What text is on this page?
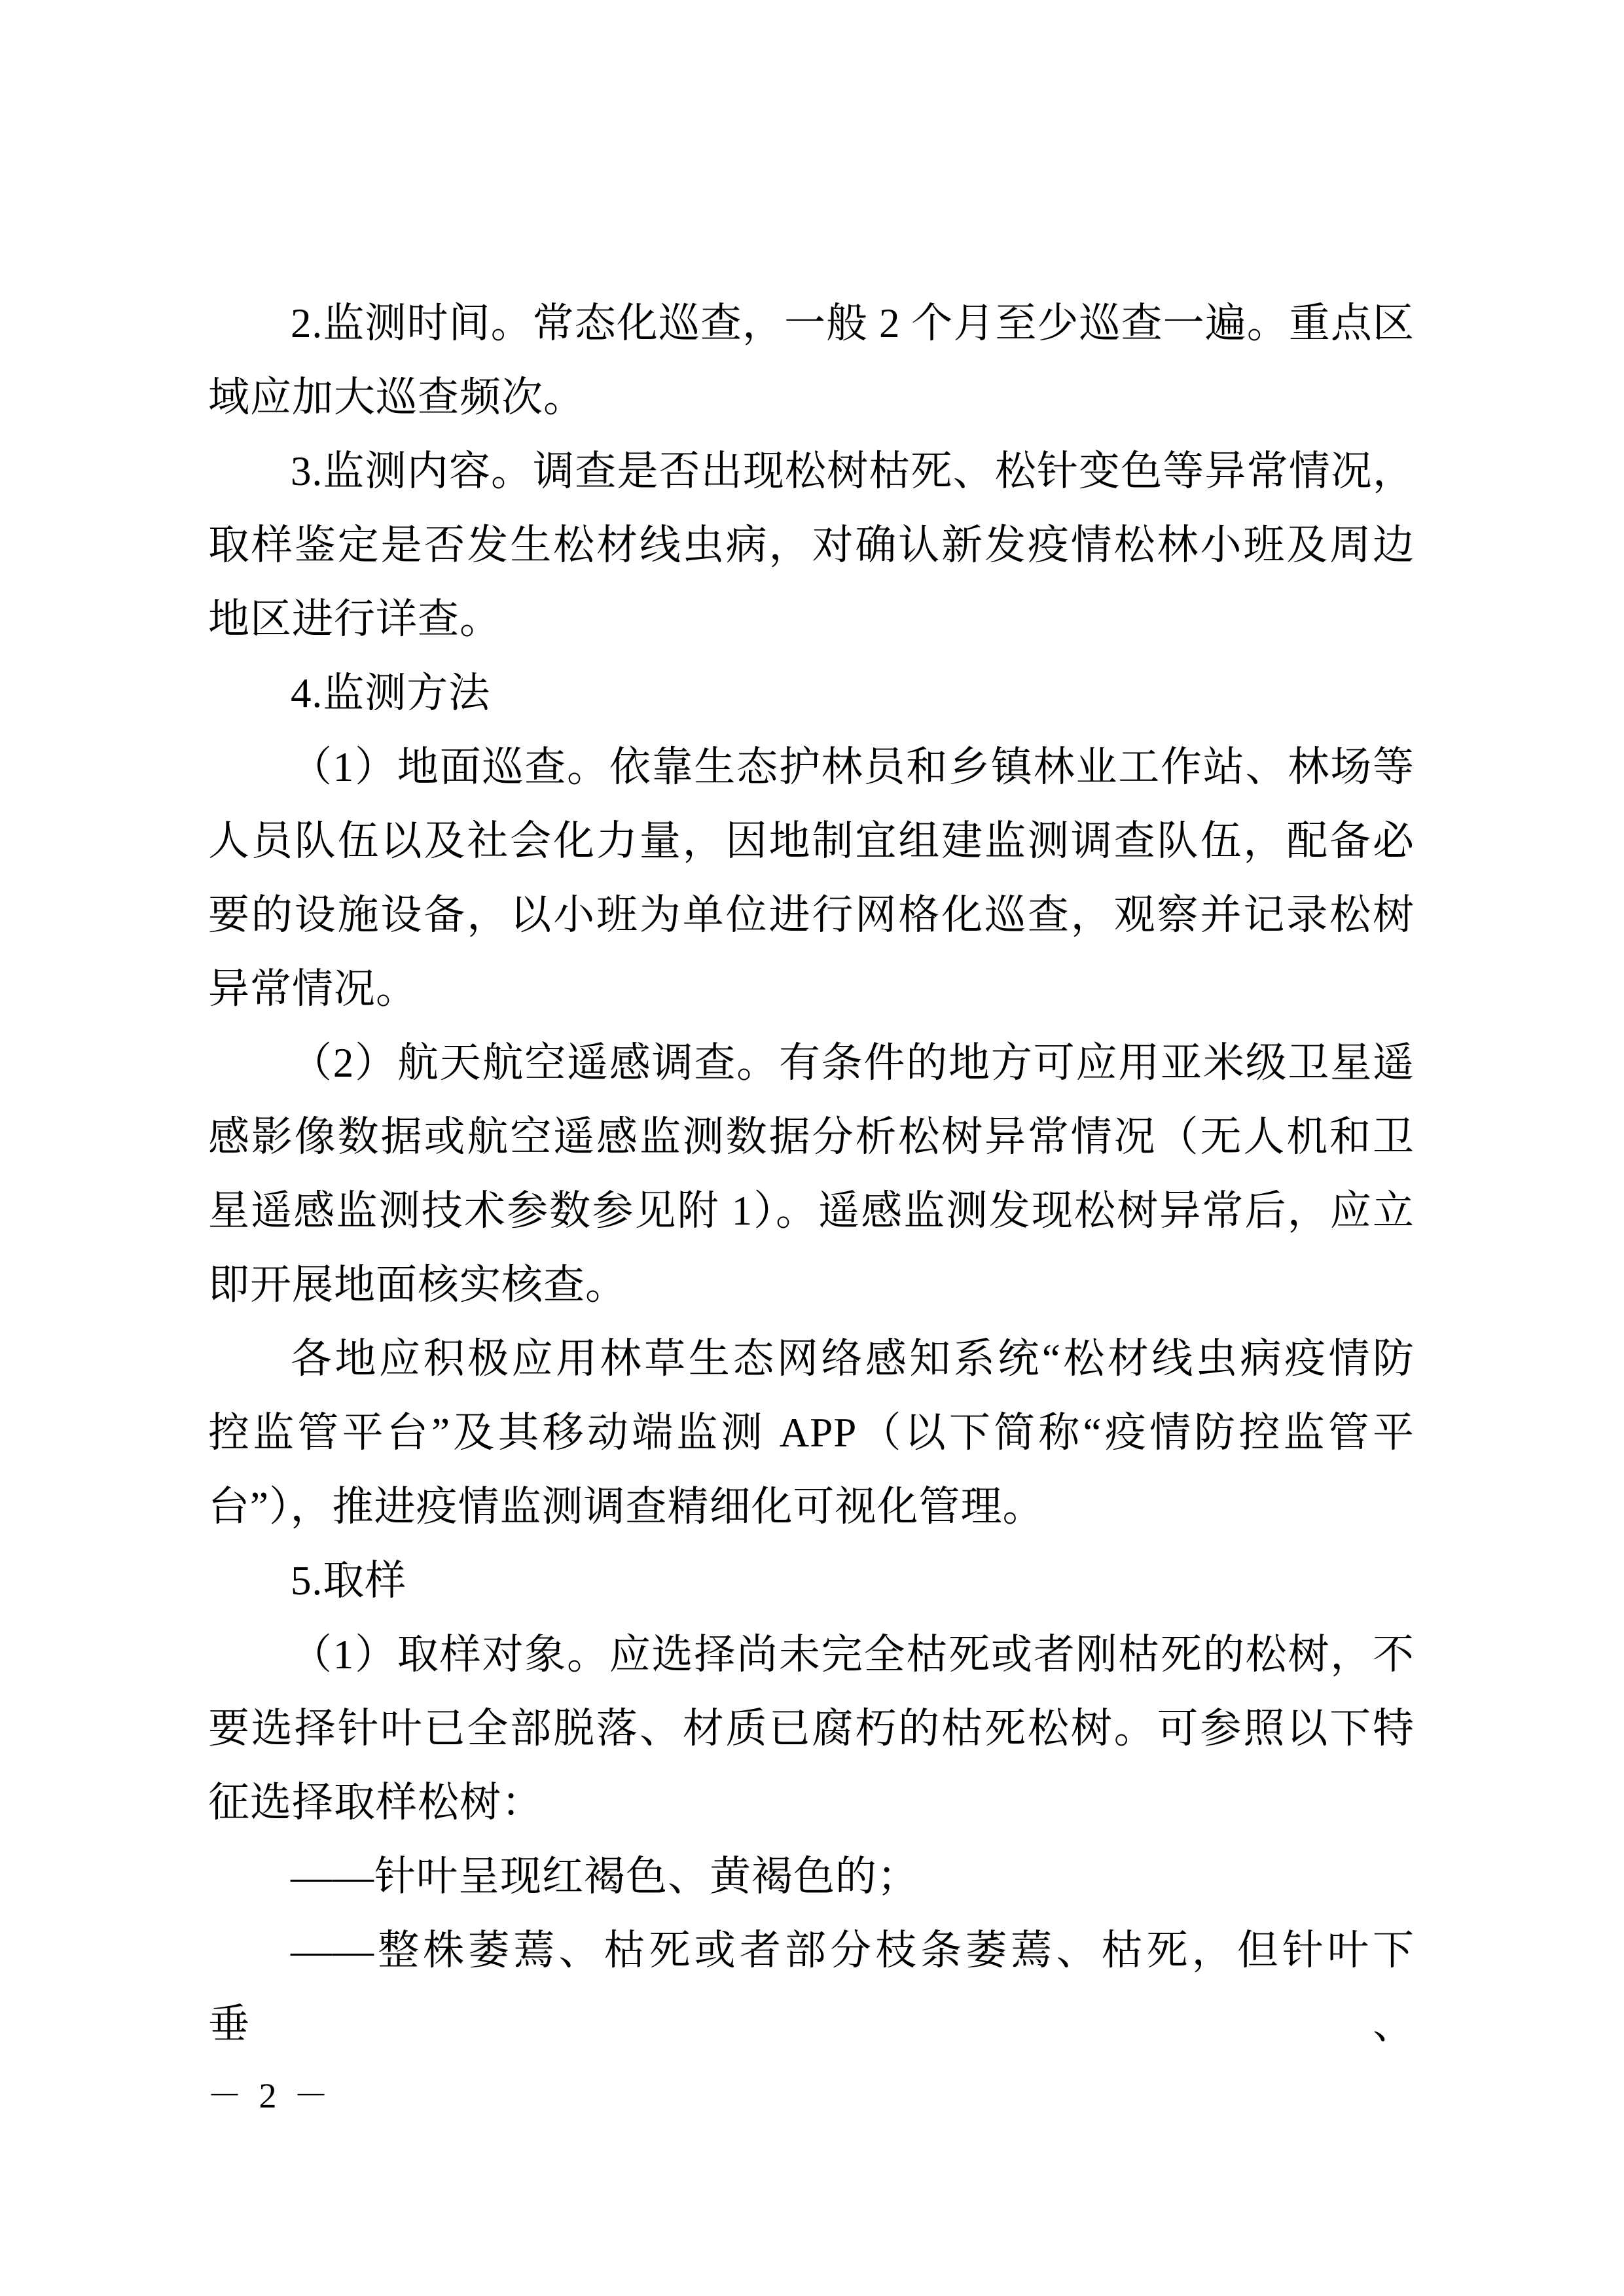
2.监测时间。常态化巡查，一般 2 个月至少巡查一遍。重点区
域应加大巡查频次。
3.监测内容。调查是否出现松树枯死、松针变色等异常情况，
取样鉴定是否发生松材线虫病，对确认新发疫情松林小班及周边
地区进行详查。
4.监测方法
（1）地面巡查。依靠生态护林员和乡镇林业工作站、林场等
人员队伍以及社会化力量，因地制宜组建监测调查队伍，配备必
要的设施设备，以小班为单位进行网格化巡查，观察并记录松树
异常情况。
（2）航天航空遥感调查。有条件的地方可应用亚米级卫星遥
感影像数据或航空遥感监测数据分析松树异常情况（无人机和卫
星遥感监测技术参数参见附 1）。遥感监测发现松树异常后，应立
即开展地面核实核查。
各地应积极应用林草生态网络感知系统“松材线虫病疫情防
控监管平台”及其移动端监测 APP（以下简称“疫情防控监管平
台”），推进疫情监测调查精细化可视化管理。
5.取样
（1）取样对象。应选择尚未完全枯死或者刚枯死的松树，不
要选择针叶已全部脱落、材质已腐朽的枯死松树。可参照以下特
征选择取样松树：
——针叶呈现红褐色、黄褐色的；
——整株萎蔫、枯死或者部分枝条萎蔫、枯死，但针叶下垂、
－ 2 －
